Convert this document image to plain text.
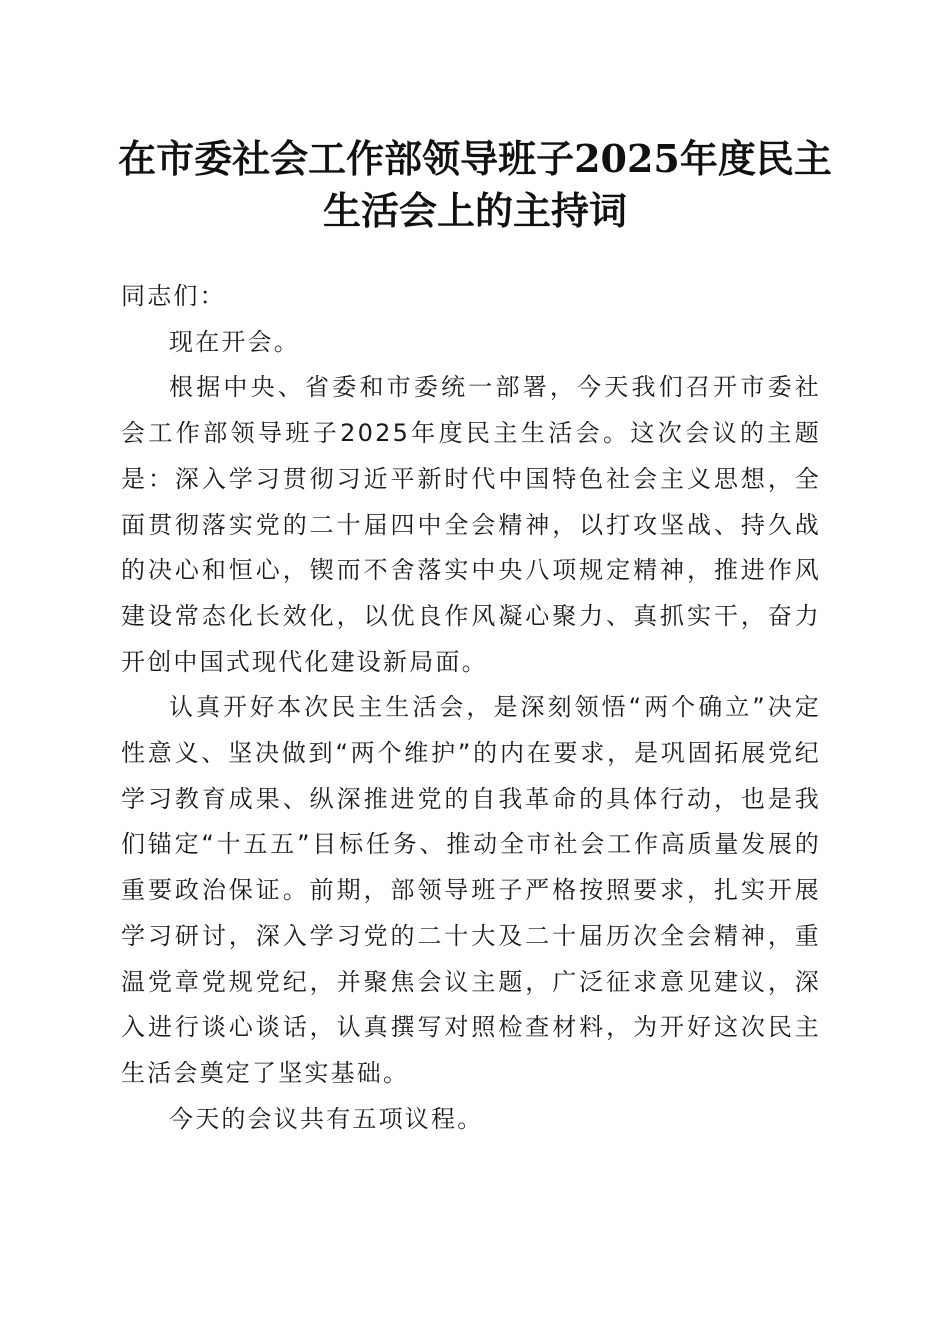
在市委社会工作部领导班子2025年度民主生活会上的主持词

同志们：

现在开会。

根据中央、省委和市委统一部署，今天我们召开市委社会工作部领导班子2025年度民主生活会。这次会议的主题是：深入学习贯彻习近平新时代中国特色社会主义思想，全面贯彻落实党的二十届四中全会精神，以打攻坚战、持久战的决心和恒心，锲而不舍落实中央八项规定精神，推进作风建设常态化长效化，以优良作风凝心聚力、真抓实干，奋力开创中国式现代化建设新局面。

认真开好本次民主生活会，是深刻领悟“两个确立”决定性意义、坚决做到“两个维护”的内在要求，是巩固拓展党纪学习教育成果、纵深推进党的自我革命的具体行动，也是我们锚定“十五五”目标任务、推动全市社会工作高质量发展的重要政治保证。前期，部领导班子严格按照要求，扎实开展学习研讨，深入学习党的二十大及二十届历次全会精神，重温党章党规党纪，并聚焦会议主题，广泛征求意见建议，深入进行谈心谈话，认真撰写对照检查材料，为开好这次民主生活会奠定了坚实基础。

今天的会议共有五项议程。
